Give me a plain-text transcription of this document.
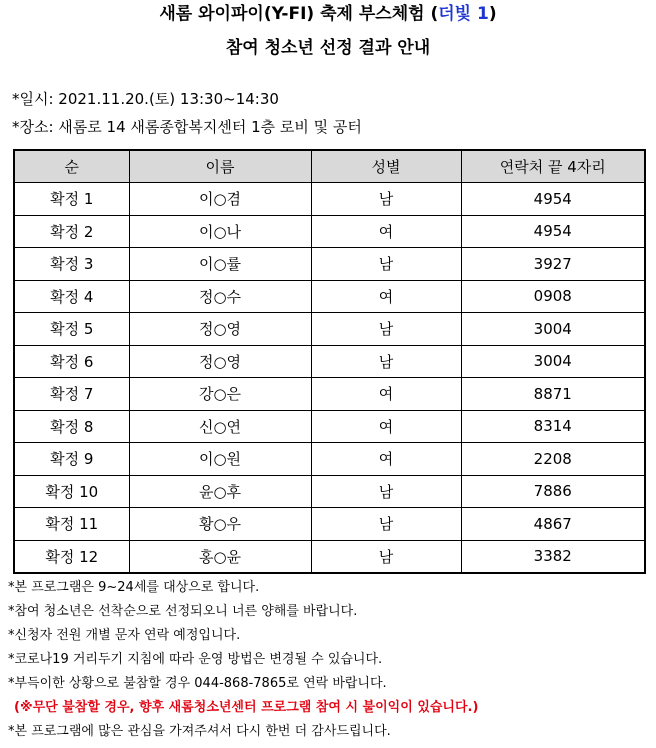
새롬 와이파이(Y-FI) 축제 부스체험 (더빛 1)
참여 청소년 선정 결과 안내
*일시: 2021.11.20.(토) 13:30~14:30
*장소: 새롬로 14 새롬종합복지센터 1층 로비 및 공터
순	이름	성별	연락처 끝 4자리
확정 1	이○겸	남	4954
확정 2	이○나	여	4954
확정 3	이○률	남	3927
확정 4	정○수	여	0908
확정 5	정○영	남	3004
확정 6	정○영	남	3004
확정 7	강○은	여	8871
확정 8	신○연	여	8314
확정 9	이○원	여	2208
확정 10	윤○후	남	7886
확정 11	황○우	남	4867
확정 12	홍○윤	남	3382
*본 프로그램은 9~24세를 대상으로 합니다.
*참여 청소년은 선착순으로 선정되오니 너른 양해를 바랍니다.
*신청자 전원 개별 문자 연락 예정입니다.
*코로나19 거리두기 지침에 따라 운영 방법은 변경될 수 있습니다.
*부득이한 상황으로 불참할 경우 044-868-7865로 연락 바랍니다.
(※무단 불참할 경우, 향후 새롬청소년센터 프로그램 참여 시 불이익이 있습니다.)
*본 프로그램에 많은 관심을 가져주셔서 다시 한번 더 감사드립니다.
